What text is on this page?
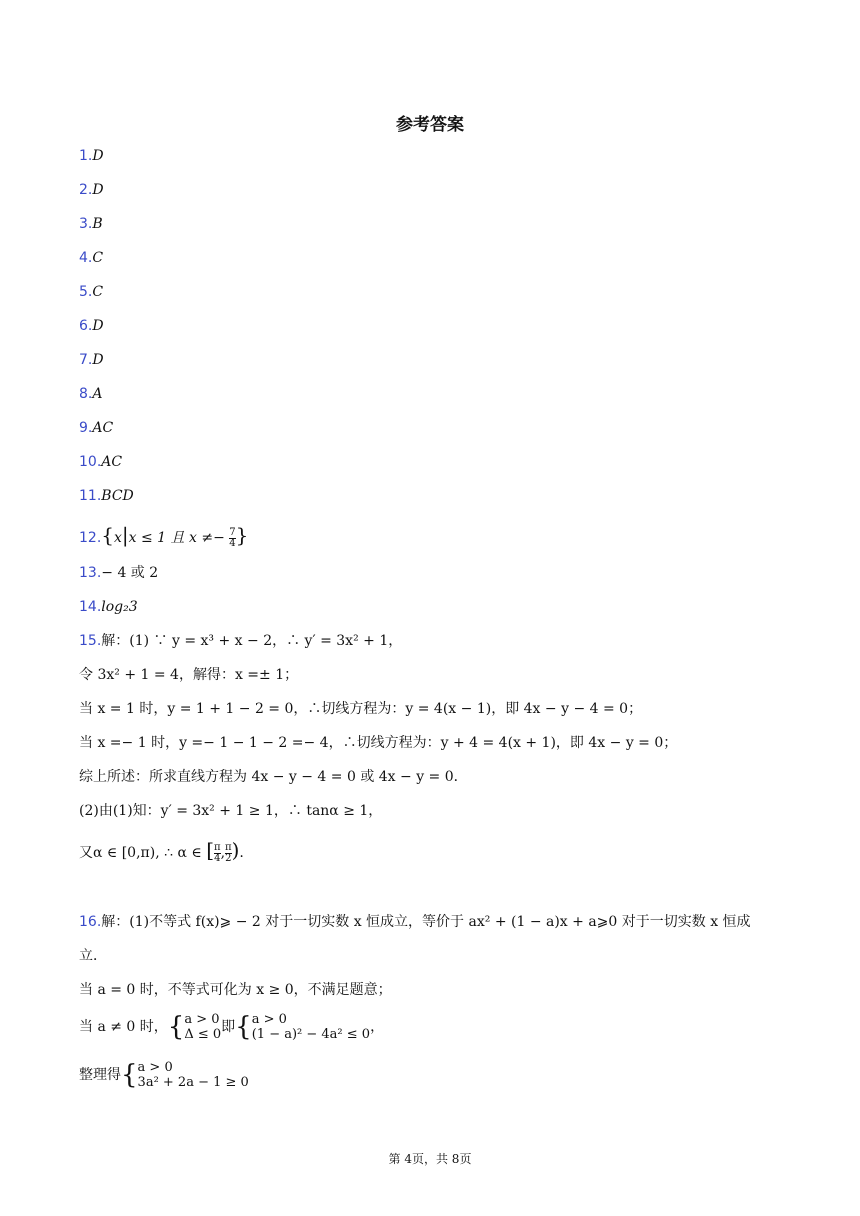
参考答案
1.D
2.D
3.B
4.C
5.C
6.D
7.D
8.A
9.AC
10.AC
11.BCD
12.{x|x ≤ 1 且 $x \ne- \frac{7}{4}$ }
13.− 4 或 2
14.log₂3
15.解：(1) ∵ y = x³ + x − 2，∴ y′ = 3x² + 1，
令 3x² + 1 = 4，解得：x =± 1；
当 x = 1 时，y = 1 + 1 − 2 = 0，∴切线方程为：y = 4(x − 1)，即 4x − y − 4 = 0；
当 x =− 1 时，y =− 1 − 1 − 2 =− 4，∴切线方程为：y + 4 = 4(x + 1)，即 4x − y = 0；
综上所述：所求直线方程为 4x − y − 4 = 0 或 4x − y = 0．
(2)由(1)知：y′ = 3x² + 1 ≥ 1，∴ tanα ≥ 1，
又α ∈ [0,π), ∴ α ∈ [ $\frac{\pi}{4}$ , $\frac{\pi}{2}$ ).
16.解：(1)不等式 f(x)⩾ − 2 对于一切实数 x 恒成立，等价于 ax² + (1 − a)x + a⩾0 对于一切实数 x 恒成
立．
当 a = 0 时，不等式可化为 x ≥ 0，不满足题意；
当 a ≠ 0 时，{ a > 0
Δ ≤ 0 即{ a > 0
(1 − a)² − 4a² ≤ 0 ，
整理得{ a > 0
3a² + 2a − 1 ≥ 0
第 4页，共 8页
